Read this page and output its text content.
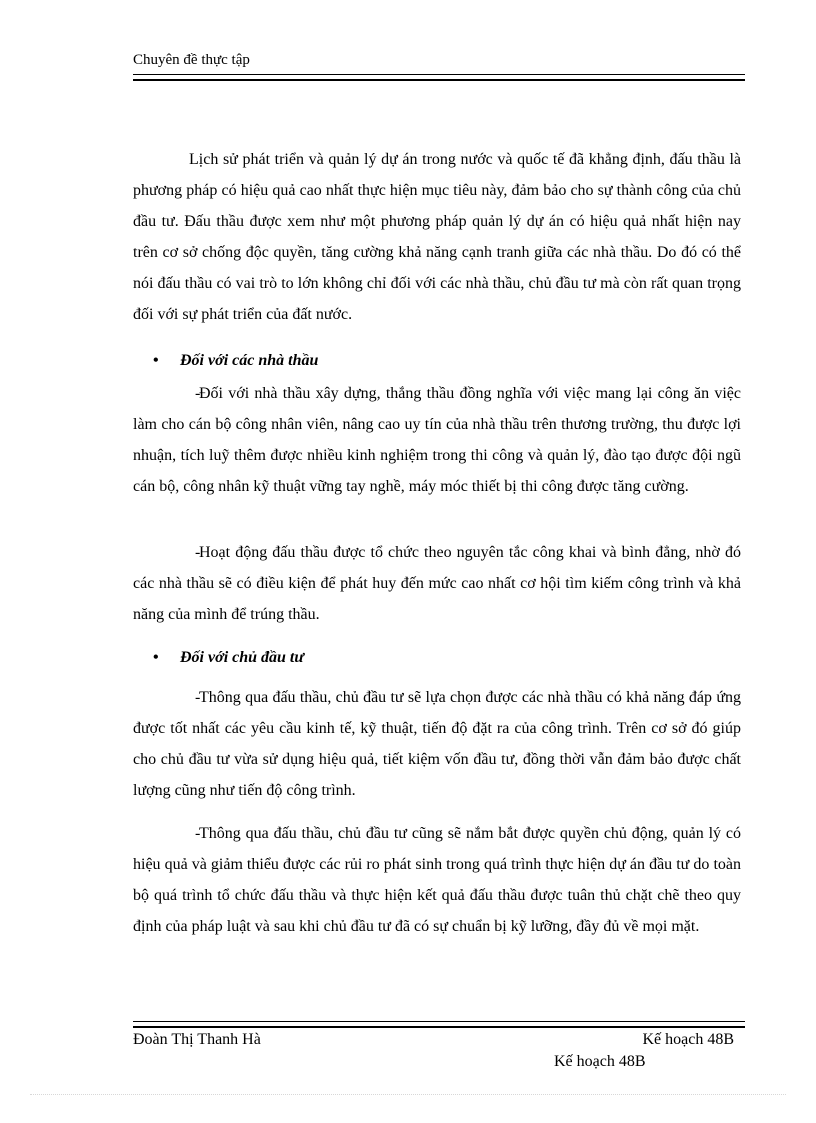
Chuyên đề thực tập

Lịch sử phát triển và quản lý dự án trong nước và quốc tế đã khẳng định, đấu thầu là phương pháp có hiệu quả cao nhất thực hiện mục tiêu này, đảm bảo cho sự thành công của chủ đầu tư. Đấu thầu được xem như một phương pháp quản lý dự án có hiệu quả nhất hiện nay trên cơ sở chống độc quyền, tăng cường khả năng cạnh tranh giữa các nhà thầu. Do đó có thể nói đấu thầu có vai trò to lớn không chỉ đối với các nhà thầu, chủ đầu tư mà còn rất quan trọng đối với sự phát triển của đất nước.

• Đối với các nhà thầu

-
Đối với nhà thầu xây dựng, thắng thầu đồng nghĩa với việc mang lại công ăn việc làm cho cán bộ công nhân viên, nâng cao uy tín của nhà thầu trên thương trường, thu được lợi nhuận, tích luỹ thêm được nhiều kinh nghiệm trong thi công và quản lý, đào tạo được đội ngũ cán bộ, công nhân kỹ thuật vững tay nghề, máy móc thiết bị thi công được tăng cường.

-
Hoạt động đấu thầu được tổ chức theo nguyên tắc công khai và bình đẳng, nhờ đó các nhà thầu sẽ có điều kiện để phát huy đến mức cao nhất cơ hội tìm kiếm công trình và khả năng của mình để trúng thầu.

• Đối với chủ đầu tư

-
Thông qua đấu thầu, chủ đầu tư sẽ lựa chọn được các nhà thầu có khả năng đáp ứng được tốt nhất các yêu cầu kinh tế, kỹ thuật, tiến độ đặt ra của công trình. Trên cơ sở đó giúp cho chủ đầu tư vừa sử dụng hiệu quả, tiết kiệm vốn đầu tư, đồng thời vẫn đảm bảo được chất lượng cũng như tiến độ công trình.

-
Thông qua đấu thầu, chủ đầu tư cũng sẽ nắm bắt được quyền chủ động, quản lý có hiệu quả và giảm thiểu được các rủi ro phát sinh trong quá trình thực hiện dự án đầu tư do toàn bộ quá trình tổ chức đấu thầu và thực hiện kết quả đấu thầu được tuân thủ chặt chẽ theo quy định của pháp luật và sau khi chủ đầu tư đã có sự chuẩn bị kỹ lưỡng, đầy đủ về mọi mặt.

Đoàn Thị Thanh Hà	Kế hoạch 48B
Kế hoạch 48B
